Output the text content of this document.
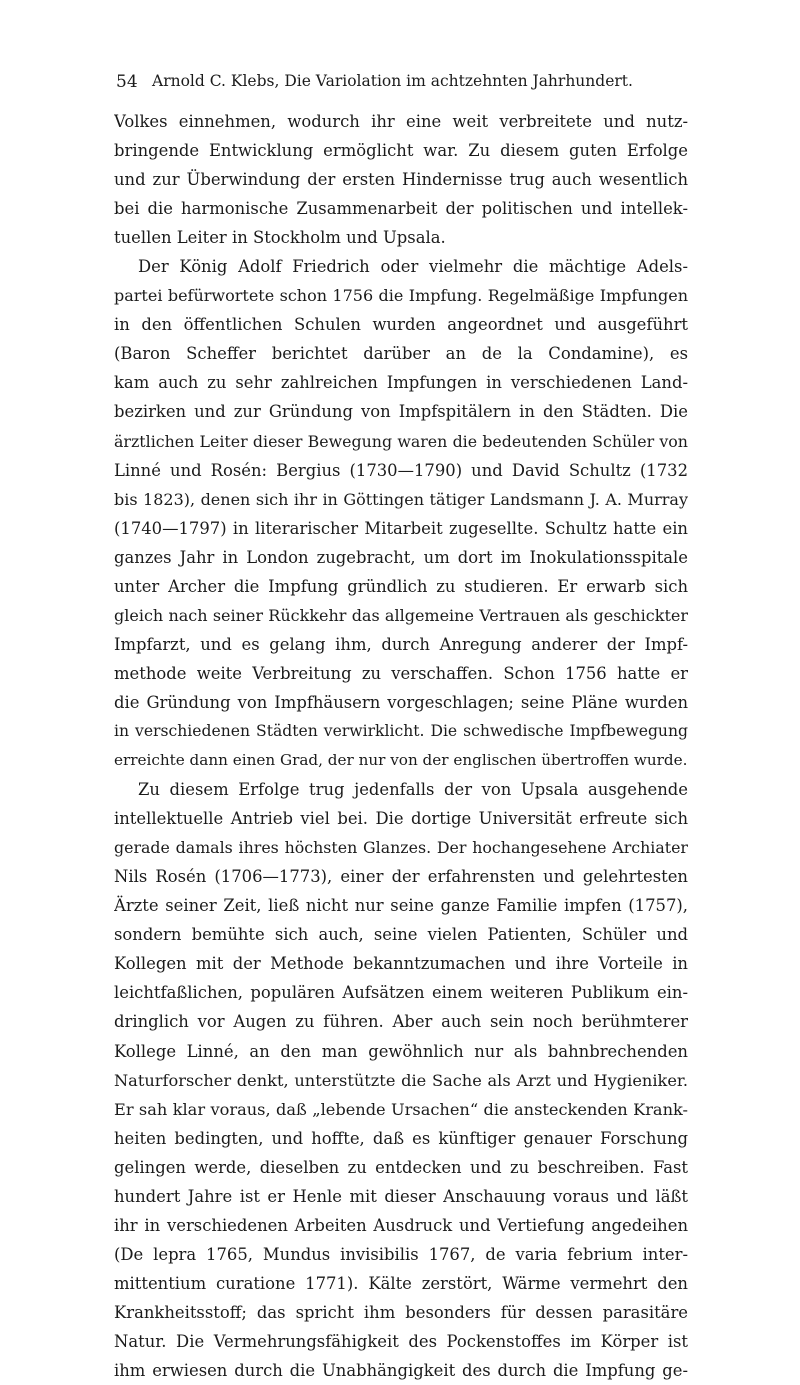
54 Arnold C. Klebs, Die Variolation im achtzehnten Jahrhundert.
Volkes einnehmen, wodurch ihr eine weit verbreitete und nutz-
bringende Entwicklung ermöglicht war. Zu diesem guten Erfolge
und zur Überwindung der ersten Hindernisse trug auch wesentlich
bei die harmonische Zusammenarbeit der politischen und intellek-
tuellen Leiter in Stockholm und Upsala.
Der König Adolf Friedrich oder vielmehr die mächtige Adels-
partei befürwortete schon 1756 die Impfung. Regelmäßige Impfungen
in den öffentlichen Schulen wurden angeordnet und ausgeführt
(Baron Scheffer berichtet darüber an de la Condamine), es
kam auch zu sehr zahlreichen Impfungen in verschiedenen Land-
bezirken und zur Gründung von Impfspitälern in den Städten. Die
ärztlichen Leiter dieser Bewegung waren die bedeutenden Schüler von
Linné und Rosén: Bergius (1730—1790) und David Schultz (1732
bis 1823), denen sich ihr in Göttingen tätiger Landsmann J. A. Murray
(1740—1797) in literarischer Mitarbeit zugesellte. Schultz hatte ein
ganzes Jahr in London zugebracht, um dort im Inokulationsspitale
unter Archer die Impfung gründlich zu studieren. Er erwarb sich
gleich nach seiner Rückkehr das allgemeine Vertrauen als geschickter
Impfarzt, und es gelang ihm, durch Anregung anderer der Impf-
methode weite Verbreitung zu verschaffen. Schon 1756 hatte er
die Gründung von Impfhäusern vorgeschlagen; seine Pläne wurden
in verschiedenen Städten verwirklicht. Die schwedische Impfbewegung
erreichte dann einen Grad, der nur von der englischen übertroffen wurde.
Zu diesem Erfolge trug jedenfalls der von Upsala ausgehende
intellektuelle Antrieb viel bei. Die dortige Universität erfreute sich
gerade damals ihres höchsten Glanzes. Der hochangesehene Archiater
Nils Rosén (1706—1773), einer der erfahrensten und gelehrtesten
Ärzte seiner Zeit, ließ nicht nur seine ganze Familie impfen (1757),
sondern bemühte sich auch, seine vielen Patienten, Schüler und
Kollegen mit der Methode bekanntzumachen und ihre Vorteile in
leichtfaßlichen, populären Aufsätzen einem weiteren Publikum ein-
dringlich vor Augen zu führen. Aber auch sein noch berühmterer
Kollege Linné, an den man gewöhnlich nur als bahnbrechenden
Naturforscher denkt, unterstützte die Sache als Arzt und Hygieniker.
Er sah klar voraus, daß „lebende Ursachen“ die ansteckenden Krank-
heiten bedingten, und hoffte, daß es künftiger genauer Forschung
gelingen werde, dieselben zu entdecken und zu beschreiben. Fast
hundert Jahre ist er Henle mit dieser Anschauung voraus und läßt
ihr in verschiedenen Arbeiten Ausdruck und Vertiefung angedeihen
(De lepra 1765, Mundus invisibilis 1767, de varia febrium inter-
mittentium curatione 1771). Kälte zerstört, Wärme vermehrt den
Krankheitsstoff; das spricht ihm besonders für dessen parasitäre
Natur. Die Vermehrungsfähigkeit des Pockenstoffes im Körper ist
ihm erwiesen durch die Unabhängigkeit des durch die Impfung ge-
